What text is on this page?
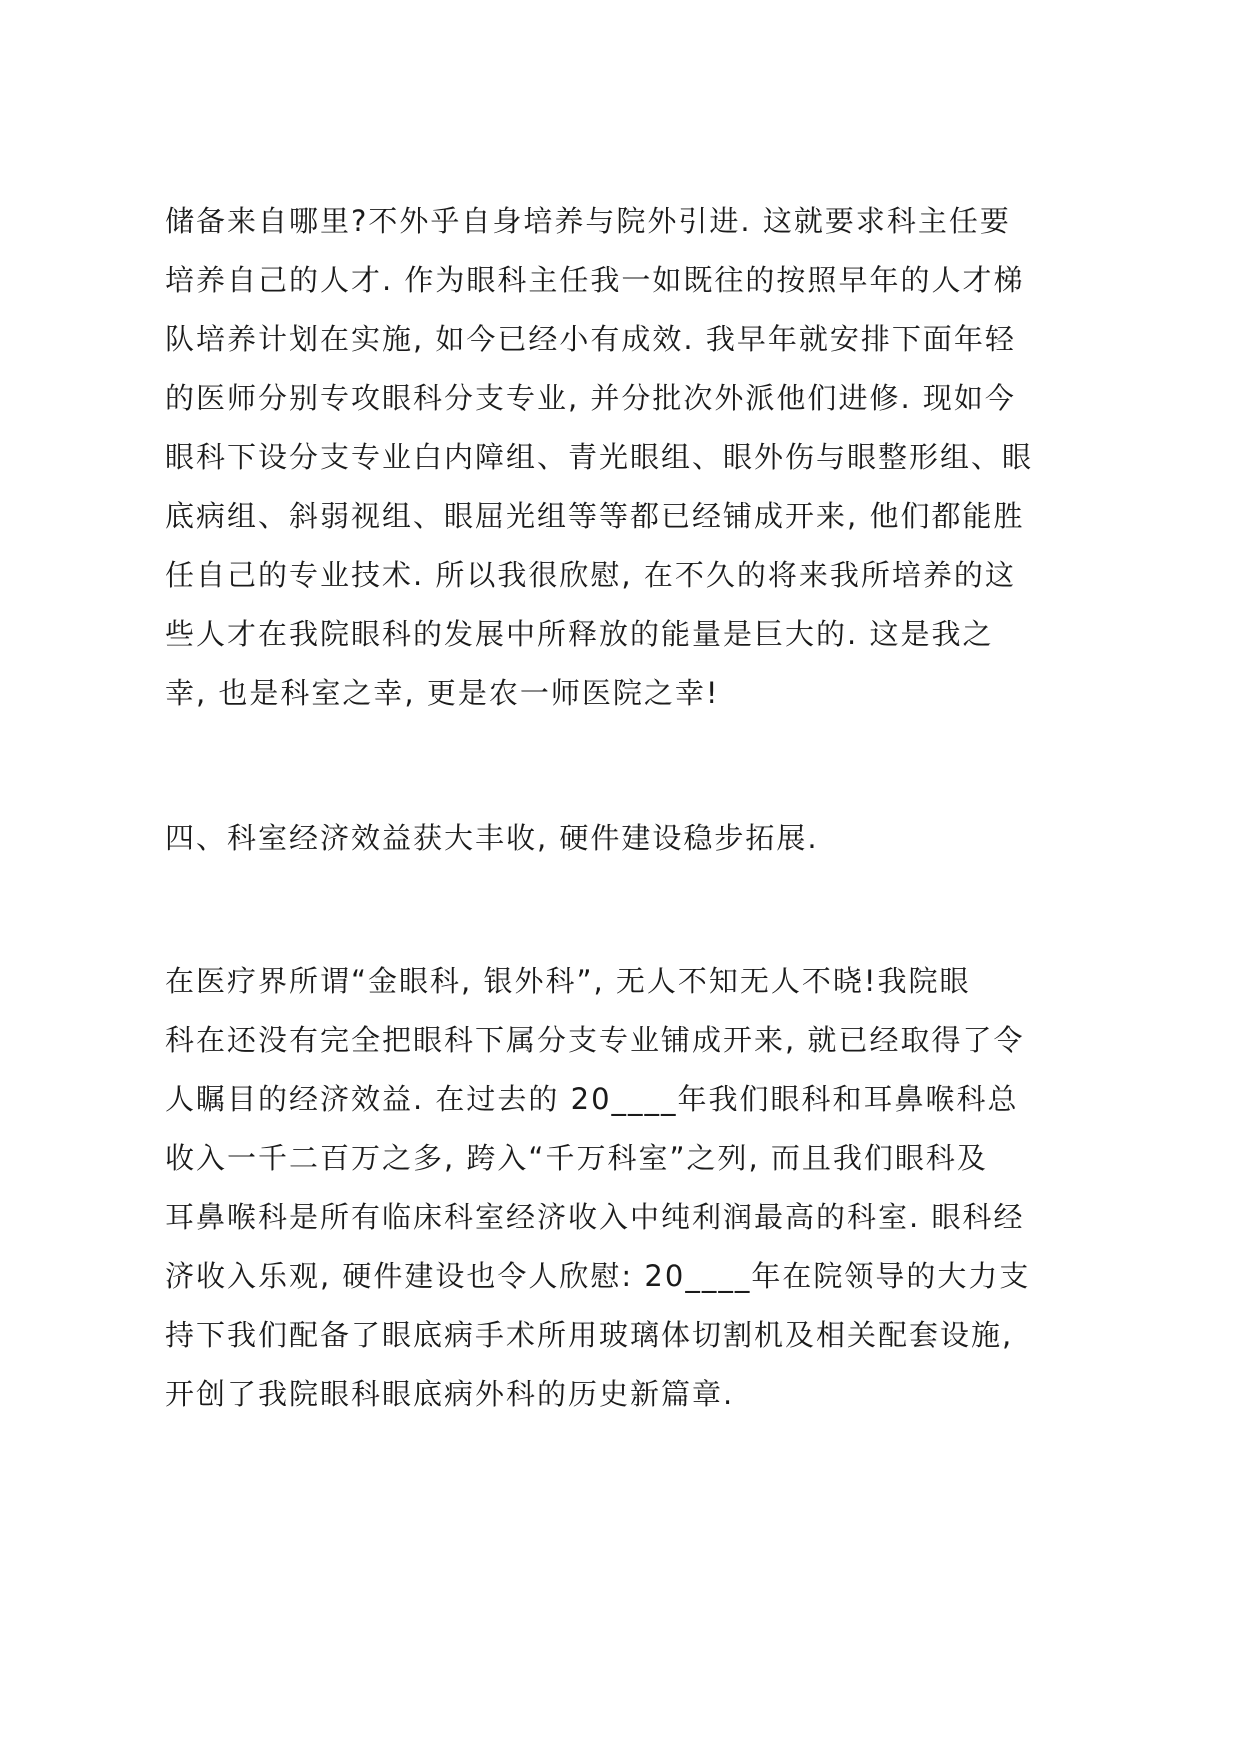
储备来自哪里?不外乎自身培养与院外引进. 这就要求科主任要
培养自己的人才. 作为眼科主任我一如既往的按照早年的人才梯
队培养计划在实施, 如今已经小有成效. 我早年就安排下面年轻
的医师分别专攻眼科分支专业, 并分批次外派他们进修. 现如今
眼科下设分支专业白内障组、青光眼组、眼外伤与眼整形组、眼
底病组、斜弱视组、眼屈光组等等都已经铺成开来, 他们都能胜
任自己的专业技术. 所以我很欣慰, 在不久的将来我所培养的这
些人才在我院眼科的发展中所释放的能量是巨大的. 这是我之
幸, 也是科室之幸, 更是农一师医院之幸!
四、科室经济效益获大丰收, 硬件建设稳步拓展.
在医疗界所谓“金眼科, 银外科”, 无人不知无人不晓!我院眼
科在还没有完全把眼科下属分支专业铺成开来, 就已经取得了令
人瞩目的经济效益. 在过去的 20____年我们眼科和耳鼻喉科总
收入一千二百万之多, 跨入“千万科室”之列, 而且我们眼科及
耳鼻喉科是所有临床科室经济收入中纯利润最高的科室. 眼科经
济收入乐观, 硬件建设也令人欣慰: 20____年在院领导的大力支
持下我们配备了眼底病手术所用玻璃体切割机及相关配套设施,
开创了我院眼科眼底病外科的历史新篇章.
